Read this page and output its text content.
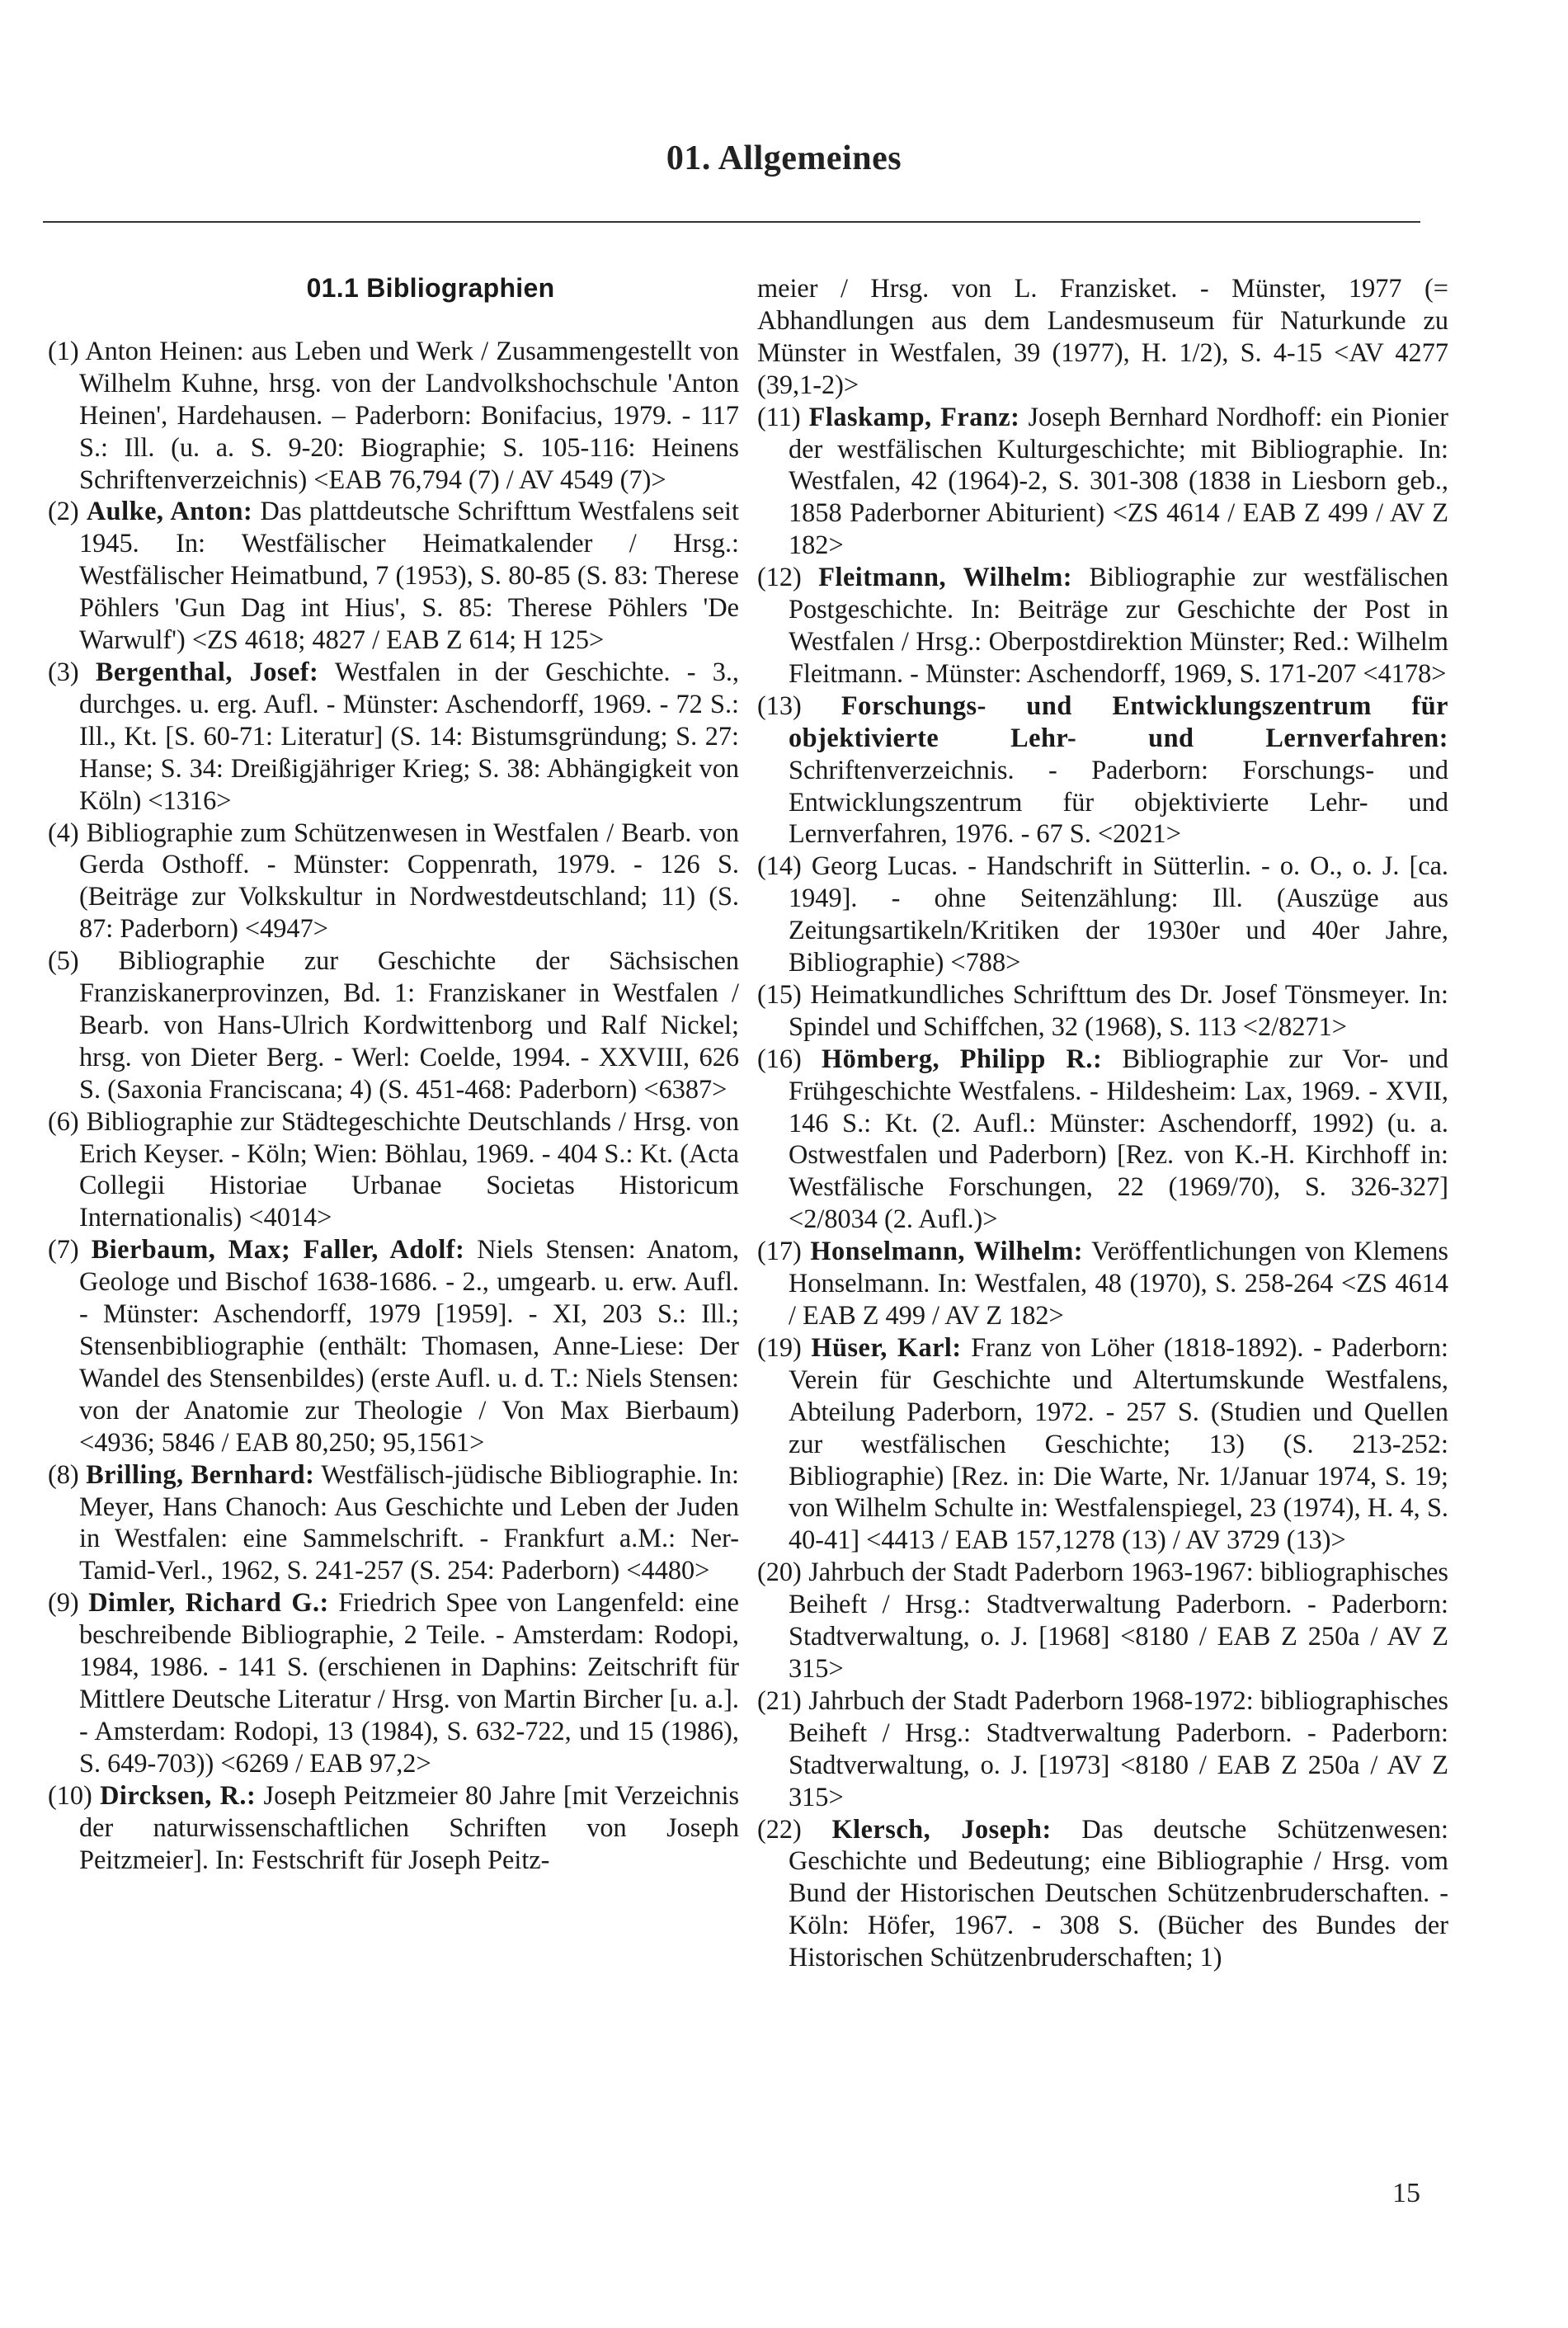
01. Allgemeines
01.1 Bibliographien

(1) Anton Heinen: aus Leben und Werk / Zusammengestellt von Wilhelm Kuhne, hrsg. von der Landvolkshochschule 'Anton Heinen', Hardehausen. – Paderborn: Bonifacius, 1979. - 117 S.: Ill. (u. a. S. 9-20: Biographie; S. 105-116: Heinens Schriftenverzeichnis) <EAB 76,794 (7) / AV 4549 (7)>

(2) Aulke, Anton: Das plattdeutsche Schrifttum Westfalens seit 1945. In: Westfälischer Heimatkalender / Hrsg.: Westfälischer Heimatbund, 7 (1953), S. 80-85 (S. 83: Therese Pöhlers 'Gun Dag int Hius', S. 85: Therese Pöhlers 'De Warwulf') <ZS 4618; 4827 / EAB Z 614; H 125>

(3) Bergenthal, Josef: Westfalen in der Geschichte. - 3., durchges. u. erg. Aufl. - Münster: Aschendorff, 1969. - 72 S.: Ill., Kt. [S. 60-71: Literatur] (S. 14: Bistumsgründung; S. 27: Hanse; S. 34: Dreißigjähriger Krieg; S. 38: Abhängigkeit von Köln) <1316>

(4) Bibliographie zum Schützenwesen in Westfalen / Bearb. von Gerda Osthoff. - Münster: Coppenrath, 1979. - 126 S. (Beiträge zur Volkskultur in Nordwestdeutschland; 11) (S. 87: Paderborn) <4947>

(5) Bibliographie zur Geschichte der Sächsischen Franziskanerprovinzen, Bd. 1: Franziskaner in Westfalen / Bearb. von Hans-Ulrich Kordwittenborg und Ralf Nickel; hrsg. von Dieter Berg. - Werl: Coelde, 1994. - XXVIII, 626 S. (Saxonia Franciscana; 4) (S. 451-468: Paderborn) <6387>

(6) Bibliographie zur Städtegeschichte Deutschlands / Hrsg. von Erich Keyser. - Köln; Wien: Böhlau, 1969. - 404 S.: Kt. (Acta Collegii Historiae Urbanae Societas Historicum Internationalis) <4014>

(7) Bierbaum, Max; Faller, Adolf: Niels Stensen: Anatom, Geologe und Bischof 1638-1686. - 2., umgearb. u. erw. Aufl. - Münster: Aschendorff, 1979 [1959]. - XI, 203 S.: Ill.; Stensenbibliographie (enthält: Thomasen, Anne-Liese: Der Wandel des Stensenbildes) (erste Aufl. u. d. T.: Niels Stensen: von der Anatomie zur Theologie / Von Max Bierbaum) <4936; 5846 / EAB 80,250; 95,1561>

(8) Brilling, Bernhard: Westfälisch-jüdische Bibliographie. In: Meyer, Hans Chanoch: Aus Geschichte und Leben der Juden in Westfalen: eine Sammelschrift. - Frankfurt a.M.: Ner-Tamid-Verl., 1962, S. 241-257 (S. 254: Paderborn) <4480>

(9) Dimler, Richard G.: Friedrich Spee von Langenfeld: eine beschreibende Bibliographie, 2 Teile. - Amsterdam: Rodopi, 1984, 1986. - 141 S. (erschienen in Daphins: Zeitschrift für Mittlere Deutsche Literatur / Hrsg. von Martin Bircher [u. a.]. - Amsterdam: Rodopi, 13 (1984), S. 632-722, und 15 (1986), S. 649-703)) <6269 / EAB 97,2>

(10) Dircksen, R.: Joseph Peitzmeier 80 Jahre [mit Verzeichnis der naturwissenschaftlichen Schriften von Joseph Peitzmeier]. In: Festschrift für Joseph Peitz-

meier / Hrsg. von L. Franzisket. - Münster, 1977 (= Abhandlungen aus dem Landesmuseum für Naturkunde zu Münster in Westfalen, 39 (1977), H. 1/2), S. 4-15 <AV 4277 (39,1-2)>

(11) Flaskamp, Franz: Joseph Bernhard Nordhoff: ein Pionier der westfälischen Kulturgeschichte; mit Bibliographie. In: Westfalen, 42 (1964)-2, S. 301-308 (1838 in Liesborn geb., 1858 Paderborner Abiturient) <ZS 4614 / EAB Z 499 / AV Z 182>

(12) Fleitmann, Wilhelm: Bibliographie zur westfälischen Postgeschichte. In: Beiträge zur Geschichte der Post in Westfalen / Hrsg.: Oberpostdirektion Münster; Red.: Wilhelm Fleitmann. - Münster: Aschendorff, 1969, S. 171-207 <4178>

(13) Forschungs- und Entwicklungszentrum für objektivierte Lehr- und Lernverfahren: Schriftenverzeichnis. - Paderborn: Forschungs- und Entwicklungszentrum für objektivierte Lehr- und Lernverfahren, 1976. - 67 S. <2021>

(14) Georg Lucas. - Handschrift in Sütterlin. - o. O., o. J. [ca. 1949]. - ohne Seitenzählung: Ill. (Auszüge aus Zeitungsartikeln/Kritiken der 1930er und 40er Jahre, Bibliographie) <788>

(15) Heimatkundliches Schrifttum des Dr. Josef Tönsmeyer. In: Spindel und Schiffchen, 32 (1968), S. 113 <2/8271>

(16) Hömberg, Philipp R.: Bibliographie zur Vor- und Frühgeschichte Westfalens. - Hildesheim: Lax, 1969. - XVII, 146 S.: Kt. (2. Aufl.: Münster: Aschendorff, 1992) (u. a. Ostwestfalen und Paderborn) [Rez. von K.-H. Kirchhoff in: Westfälische Forschungen, 22 (1969/70), S. 326-327] <2/8034 (2. Aufl.)>

(17) Honselmann, Wilhelm: Veröffentlichungen von Klemens Honselmann. In: Westfalen, 48 (1970), S. 258-264 <ZS 4614 / EAB Z 499 / AV Z 182>

(19) Hüser, Karl: Franz von Löher (1818-1892). - Paderborn: Verein für Geschichte und Altertumskunde Westfalens, Abteilung Paderborn, 1972. - 257 S. (Studien und Quellen zur westfälischen Geschichte; 13) (S. 213-252: Bibliographie) [Rez. in: Die Warte, Nr. 1/Januar 1974, S. 19; von Wilhelm Schulte in: Westfalenspiegel, 23 (1974), H. 4, S. 40-41] <4413 / EAB 157,1278 (13) / AV 3729 (13)>

(20) Jahrbuch der Stadt Paderborn 1963-1967: bibliographisches Beiheft / Hrsg.: Stadtverwaltung Paderborn. - Paderborn: Stadtverwaltung, o. J. [1968] <8180 / EAB Z 250a / AV Z 315>

(21) Jahrbuch der Stadt Paderborn 1968-1972: bibliographisches Beiheft / Hrsg.: Stadtverwaltung Paderborn. - Paderborn: Stadtverwaltung, o. J. [1973] <8180 / EAB Z 250a / AV Z 315>

(22) Klersch, Joseph: Das deutsche Schützenwesen: Geschichte und Bedeutung; eine Bibliographie / Hrsg. vom Bund der Historischen Deutschen Schützenbruderschaften. - Köln: Höfer, 1967. - 308 S. (Bücher des Bundes der Historischen Schützenbruderschaften; 1)

15
